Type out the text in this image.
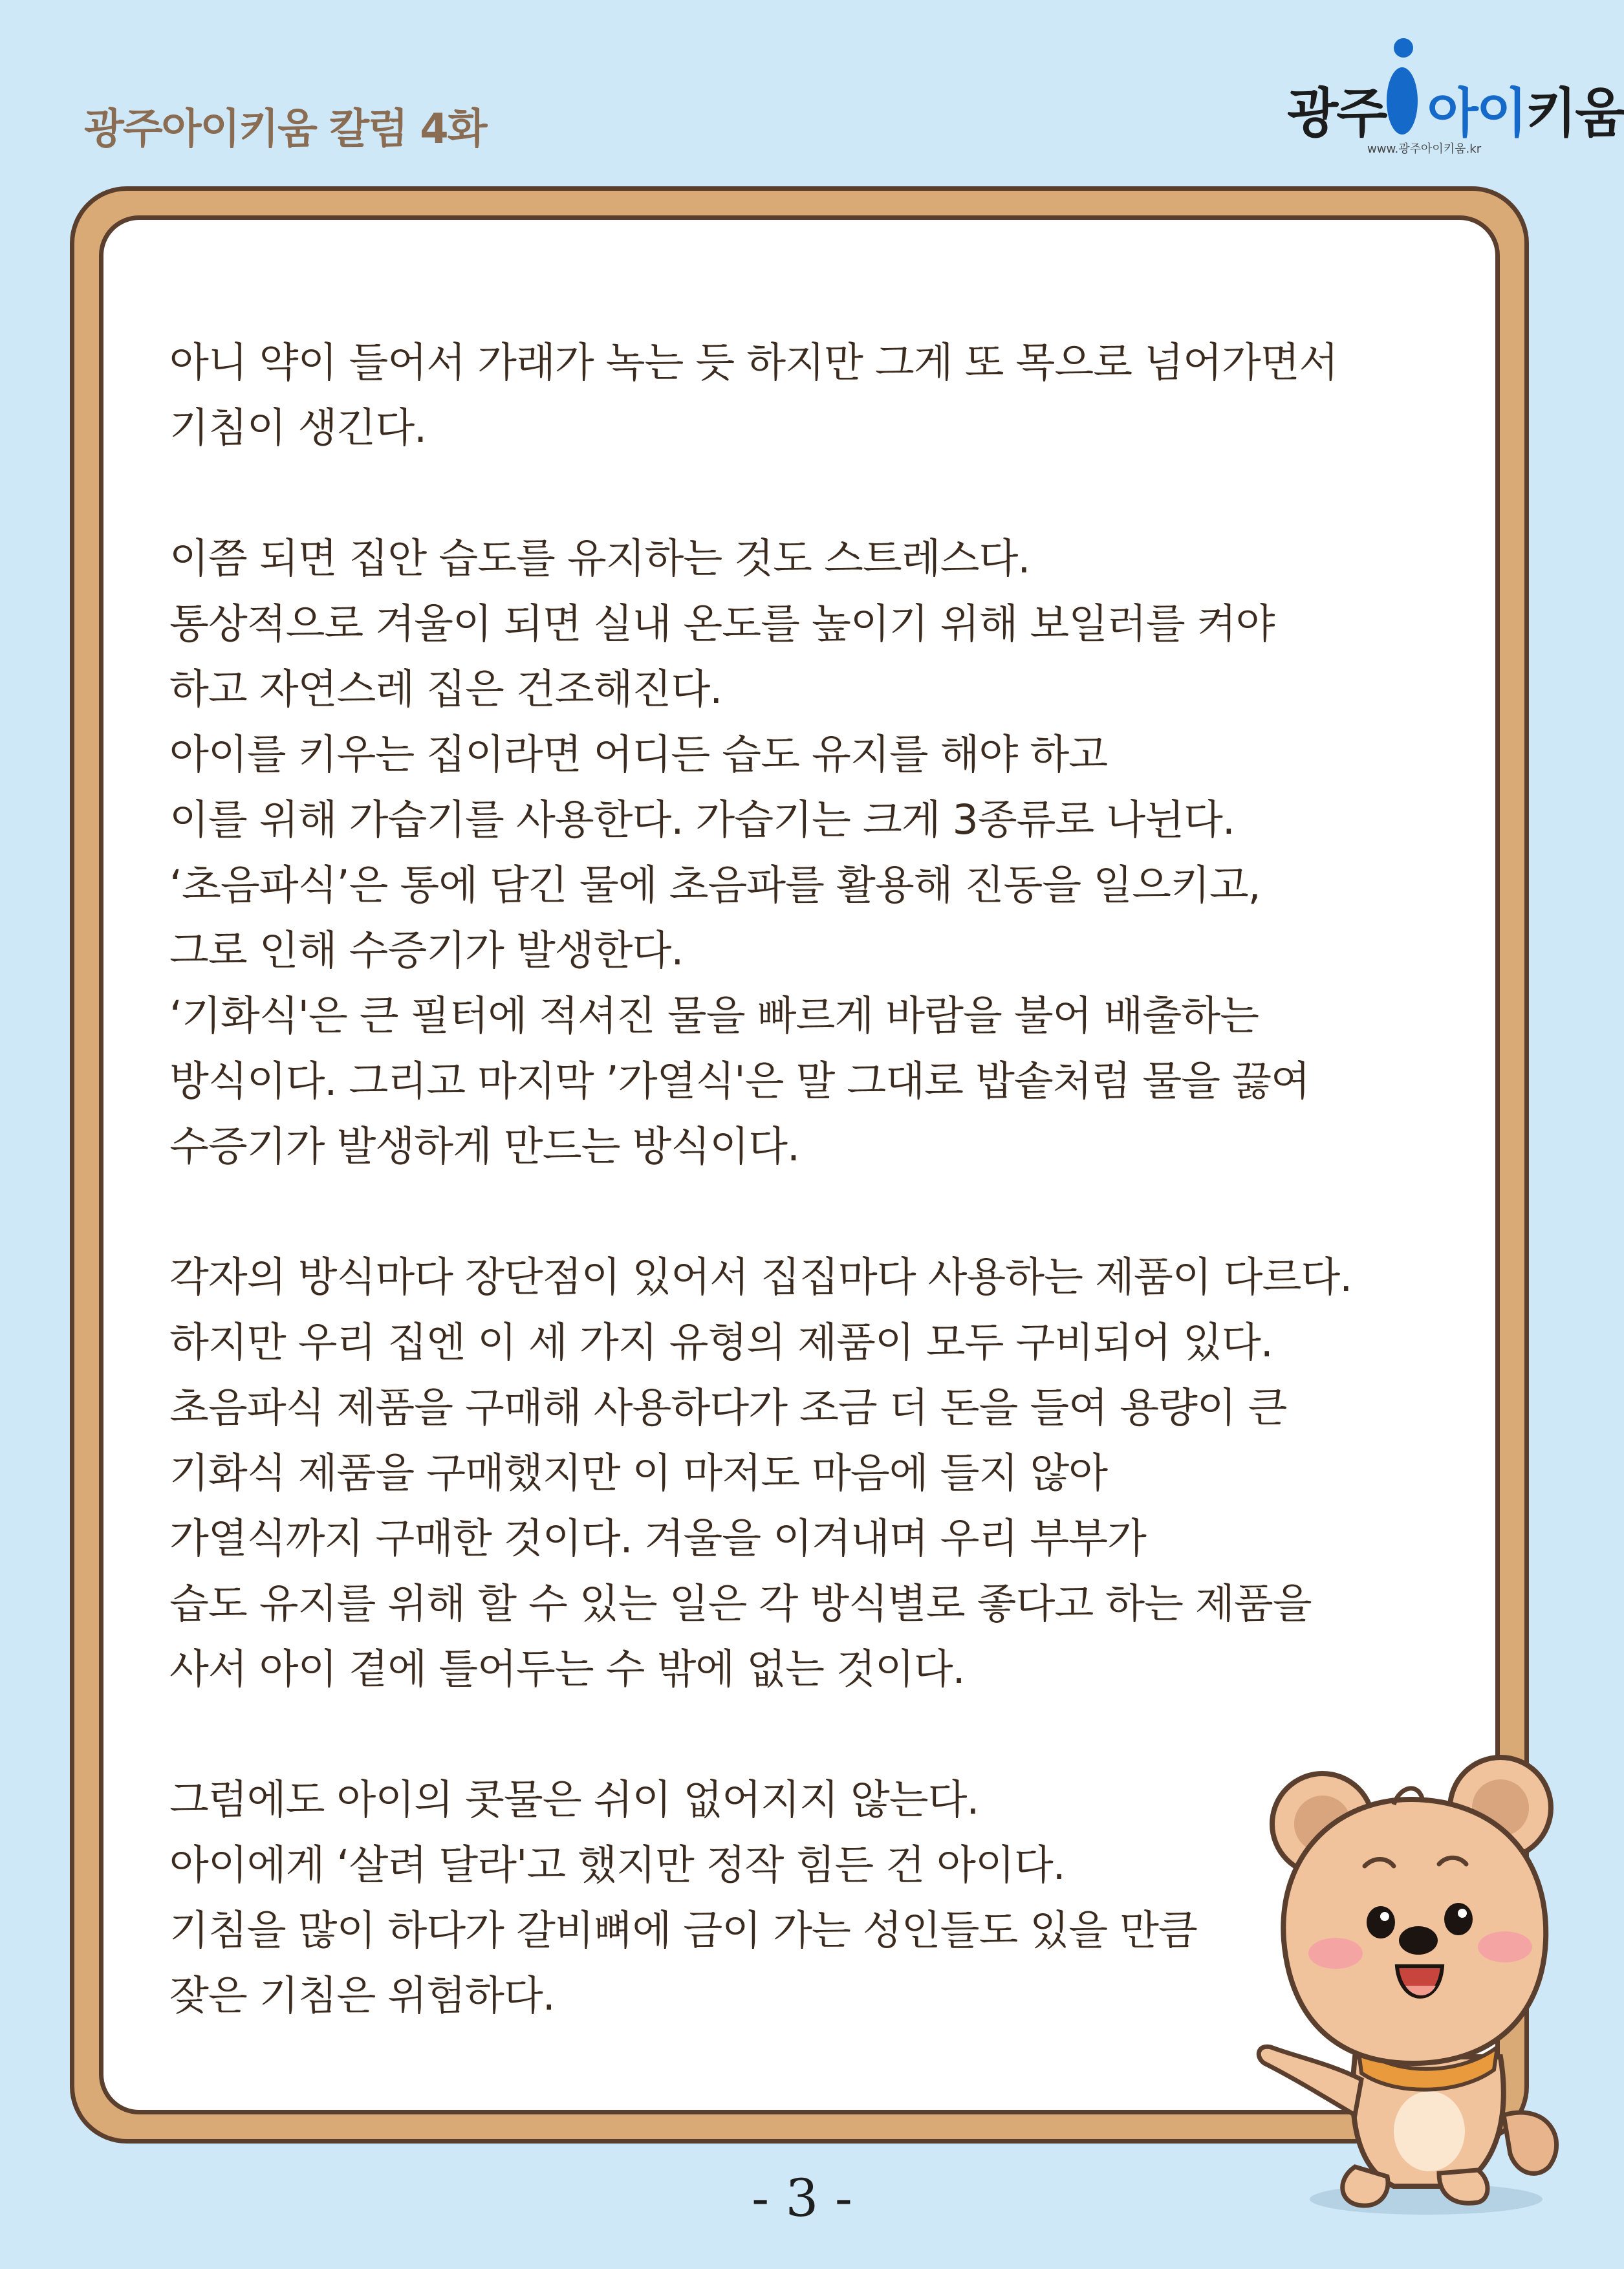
광주아이키움 칼럼 4화	광주 아이키움
www.광주아이키움.kr
아니 약이 들어서 가래가 녹는 듯 하지만 그게 또 목으로 넘어가면서
기침이 생긴다.
이쯤 되면 집안 습도를 유지하는 것도 스트레스다.
통상적으로 겨울이 되면 실내 온도를 높이기 위해 보일러를 켜야
하고 자연스레 집은 건조해진다.
아이를 키우는 집이라면 어디든 습도 유지를 해야 하고
이를 위해 가습기를 사용한다. 가습기는 크게 3종류로 나뉜다.
‘초음파식’은 통에 담긴 물에 초음파를 활용해 진동을 일으키고,
그로 인해 수증기가 발생한다.
‘기화식'은 큰 필터에 적셔진 물을 빠르게 바람을 불어 배출하는
방식이다. 그리고 마지막 ’가열식'은 말 그대로 밥솥처럼 물을 끓여
수증기가 발생하게 만드는 방식이다.
각자의 방식마다 장단점이 있어서 집집마다 사용하는 제품이 다르다.
하지만 우리 집엔 이 세 가지 유형의 제품이 모두 구비되어 있다.
초음파식 제품을 구매해 사용하다가 조금 더 돈을 들여 용량이 큰
기화식 제품을 구매했지만 이 마저도 마음에 들지 않아
가열식까지 구매한 것이다. 겨울을 이겨내며 우리 부부가
습도 유지를 위해 할 수 있는 일은 각 방식별로 좋다고 하는 제품을
사서 아이 곁에 틀어두는 수 밖에 없는 것이다.
그럼에도 아이의 콧물은 쉬이 없어지지 않는다.
아이에게 ‘살려 달라'고 했지만 정작 힘든 건 아이다.
기침을 많이 하다가 갈비뼈에 금이 가는 성인들도 있을 만큼
잦은 기침은 위험하다.
- 3 -
